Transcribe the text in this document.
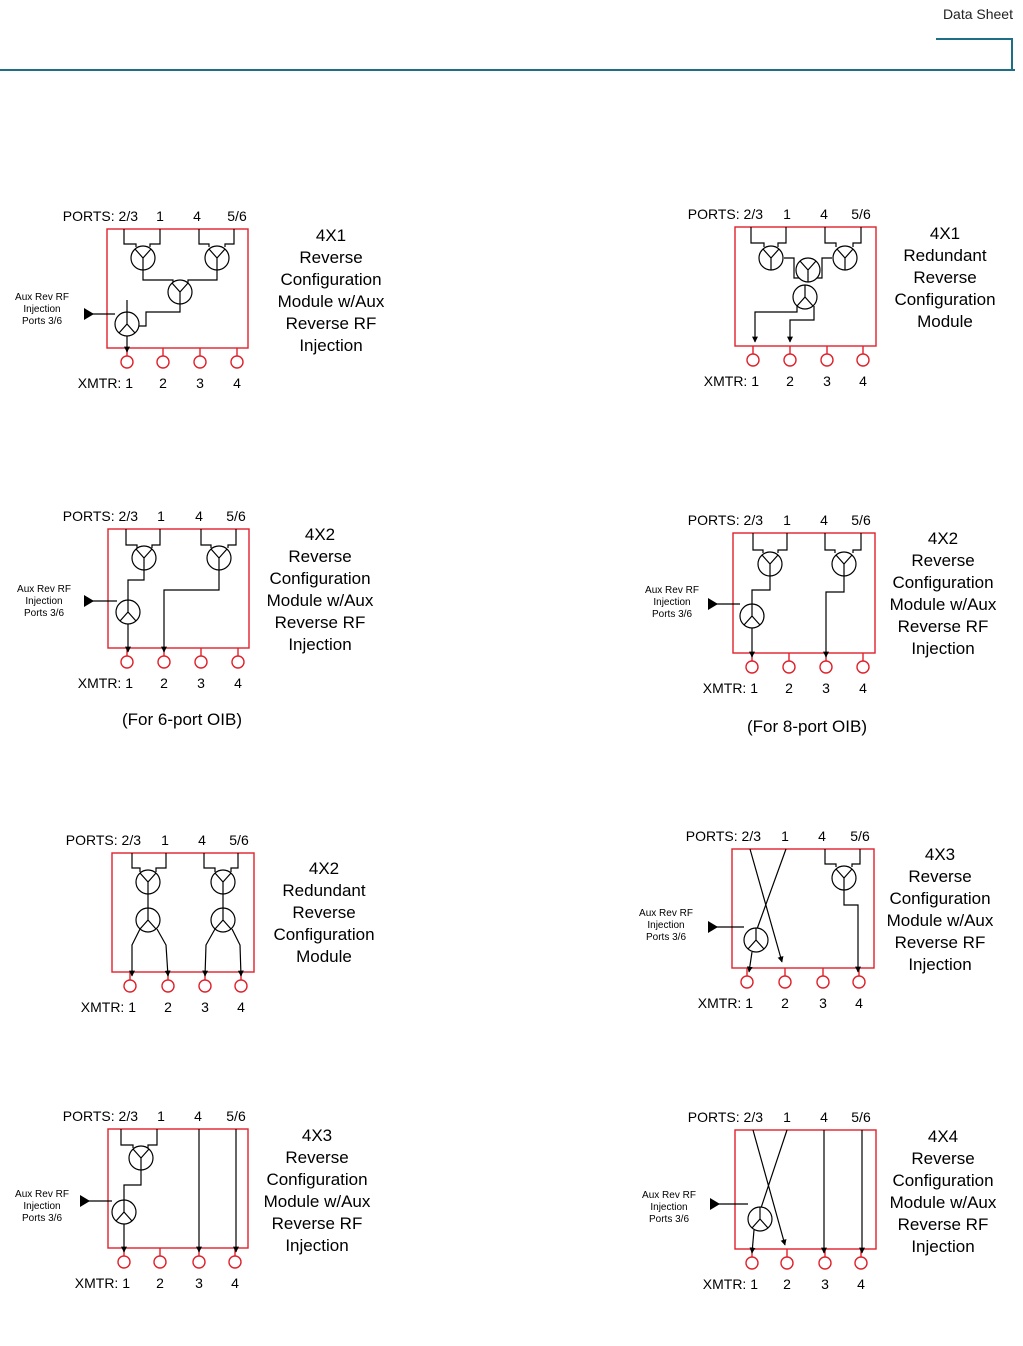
Data Sheet
PORTS: 2/3 1 4 5/6
XMTR: 1 2 3 4
4X1
Reverse
Configuration
Module w/Aux
Reverse RF
Injection
Aux Rev RF
Injection
Ports 3/6
PORTS: 2/3 1 4 5/6
XMTR: 1 2 3 4
4X1
Redundant
Reverse
Configuration
Module
PORTS: 2/3 1 4 5/6
XMTR: 1 2 3 4
4X2
Reverse
Configuration
Module w/Aux
Reverse RF
Injection
(For 6-port OIB)
Aux Rev RF
Injection
Ports 3/6
PORTS: 2/3 1 4 5/6
XMTR: 1 2 3 4
4X2
Reverse
Configuration
Module w/Aux
Reverse RF
Injection
(For 8-port OIB)
Aux Rev RF
Injection
Ports 3/6
PORTS: 2/3 1 4 5/6
XMTR: 1 2 3 4
4X2
Redundant
Reverse
Configuration
Module
PORTS: 2/3 1 4 5/6
XMTR: 1 2 3 4
4X3
Reverse
Configuration
Module w/Aux
Reverse RF
Injection
Aux Rev RF
Injection
Ports 3/6
PORTS: 2/3 1 4 5/6
XMTR: 1 2 3 4
4X3
Reverse
Configuration
Module w/Aux
Reverse RF
Injection
Aux Rev RF
Injection
Ports 3/6
PORTS: 2/3 1 4 5/6
XMTR: 1 2 3 4
4X4
Reverse
Configuration
Module w/Aux
Reverse RF
Injection
Aux Rev RF
Injection
Ports 3/6
